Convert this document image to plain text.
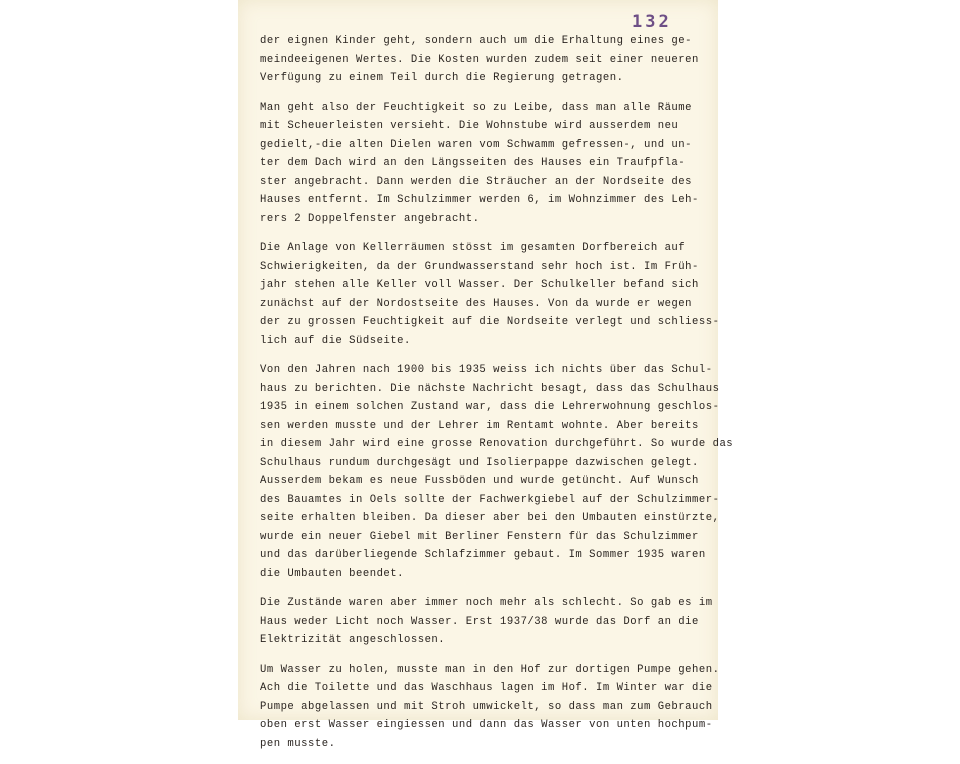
132
der eignen Kinder geht, sondern auch um die Erhaltung eines ge-
meindeeigenen Wertes. Die Kosten wurden zudem seit einer neueren
Verfügung zu einem Teil durch die Regierung getragen.
Man geht also der Feuchtigkeit so zu Leibe, dass man alle Räume
mit Scheuerleisten versieht. Die Wohnstube wird ausserdem neu
gedielt,-die alten Dielen waren vom Schwamm gefressen-, und un-
ter dem Dach wird an den Längsseiten des Hauses ein Traufpfla-
ster angebracht. Dann werden die Sträucher an der Nordseite des
Hauses entfernt. Im Schulzimmer werden 6, im Wohnzimmer des Leh-
rers 2 Doppelfenster angebracht.
Die Anlage von Kellerräumen stösst im gesamten Dorfbereich auf
Schwierigkeiten, da der Grundwasserstand sehr hoch ist. Im Früh-
jahr stehen alle Keller voll Wasser. Der Schulkeller befand sich
zunächst auf der Nordostseite des Hauses. Von da wurde er wegen
der zu grossen Feuchtigkeit auf die Nordseite verlegt und schliess-
lich auf die Südseite.
Von den Jahren nach 1900 bis 1935 weiss ich nichts über das Schul-
haus zu berichten. Die nächste Nachricht besagt, dass das Schulhaus
1935 in einem solchen Zustand war, dass die Lehrerwohnung geschlos-
sen werden musste und der Lehrer im Rentamt wohnte. Aber bereits
in diesem Jahr wird eine grosse Renovation durchgeführt. So wurde das
Schulhaus rundum durchgesägt und Isolierpappe dazwischen gelegt.
Ausserdem bekam es neue Fussböden und wurde getüncht. Auf Wunsch
des Bauamtes in Oels sollte der Fachwerkgiebel auf der Schulzimmer-
seite erhalten bleiben. Da dieser aber bei den Umbauten einstürzte,
wurde ein neuer Giebel mit Berliner Fenstern für das Schulzimmer
und das darüberliegende Schlafzimmer gebaut. Im Sommer 1935 waren
die Umbauten beendet.
Die Zustände waren aber immer noch mehr als schlecht. So gab es im
Haus weder Licht noch Wasser. Erst 1937/38 wurde das Dorf an die
Elektrizität angeschlossen.
Um Wasser zu holen, musste man in den Hof zur dortigen Pumpe gehen.
Ach die Toilette und das Waschhaus lagen im Hof. Im Winter war die
Pumpe abgelassen und mit Stroh umwickelt, so dass man zum Gebrauch
oben erst Wasser eingiessen und dann das Wasser von unten hochpum-
pen musste.
